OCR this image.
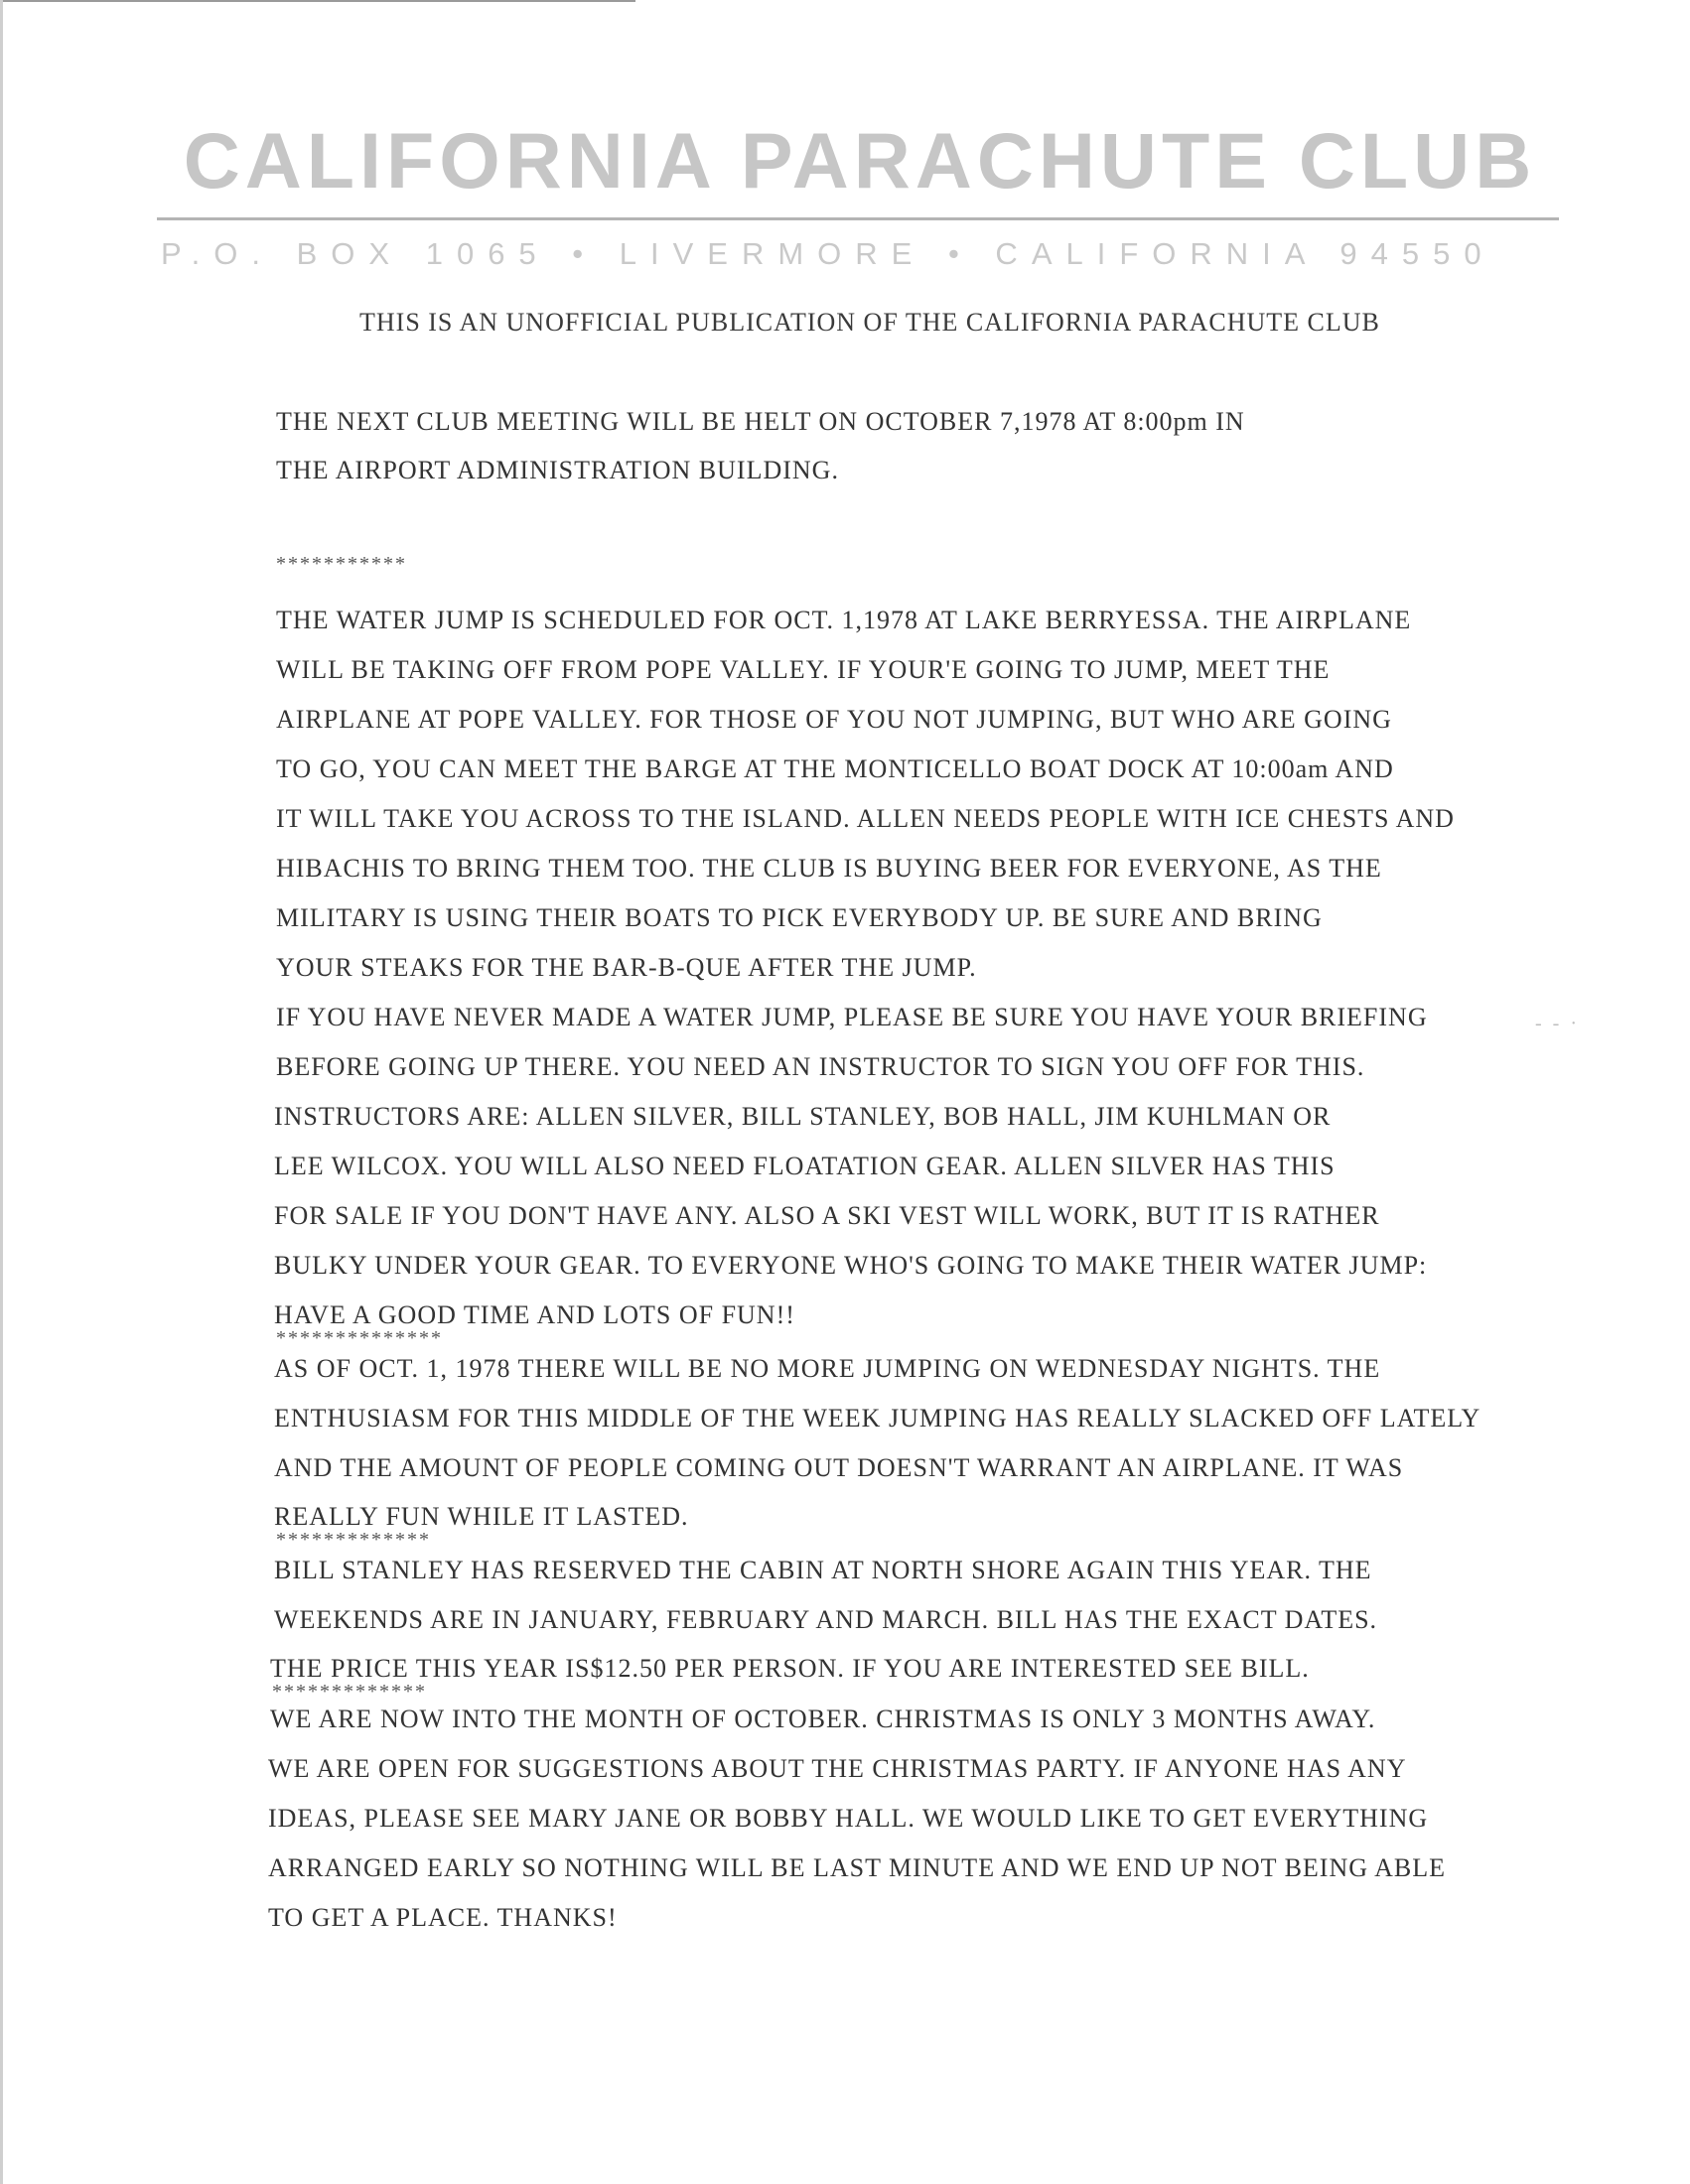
CALIFORNIA PARACHUTE CLUB
P.O. BOX 1065 • LIVERMORE • CALIFORNIA 94550
THIS IS AN UNOFFICIAL PUBLICATION OF THE CALIFORNIA PARACHUTE CLUB
THE NEXT CLUB MEETING WILL BE HELT ON OCTOBER 7,1978 AT 8:00pm IN
THE AIRPORT ADMINISTRATION BUILDING.
***********
THE WATER JUMP IS SCHEDULED FOR OCT. 1,1978 AT LAKE BERRYESSA. THE AIRPLANE
WILL BE TAKING OFF FROM POPE VALLEY. IF YOUR'E GOING TO JUMP, MEET THE
AIRPLANE AT POPE VALLEY. FOR THOSE OF YOU NOT JUMPING, BUT WHO ARE GOING
TO GO, YOU CAN MEET THE BARGE AT THE MONTICELLO BOAT DOCK AT 10:00am AND
IT WILL TAKE YOU ACROSS TO THE ISLAND. ALLEN NEEDS PEOPLE WITH ICE CHESTS AND
HIBACHIS TO BRING THEM TOO. THE CLUB IS BUYING BEER FOR EVERYONE, AS THE
MILITARY IS USING THEIR BOATS TO PICK EVERYBODY UP. BE SURE AND BRING
YOUR STEAKS FOR THE BAR-B-QUE AFTER THE JUMP.
IF YOU HAVE NEVER MADE A WATER JUMP, PLEASE BE SURE YOU HAVE YOUR BRIEFING
BEFORE GOING UP THERE. YOU NEED AN INSTRUCTOR TO SIGN YOU OFF FOR THIS.
INSTRUCTORS ARE: ALLEN SILVER, BILL STANLEY, BOB HALL, JIM KUHLMAN OR
LEE WILCOX. YOU WILL ALSO NEED FLOATATION GEAR. ALLEN SILVER HAS THIS
FOR SALE IF YOU DON'T HAVE ANY. ALSO A SKI VEST WILL WORK, BUT IT IS RATHER
BULKY UNDER YOUR GEAR. TO EVERYONE WHO'S GOING TO MAKE THEIR WATER JUMP:
HAVE A GOOD TIME AND LOTS OF FUN!!
**************
AS OF OCT. 1, 1978 THERE WILL BE NO MORE JUMPING ON WEDNESDAY NIGHTS. THE
ENTHUSIASM FOR THIS MIDDLE OF THE WEEK JUMPING HAS REALLY SLACKED OFF LATELY
AND THE AMOUNT OF PEOPLE COMING OUT DOESN'T WARRANT AN AIRPLANE. IT WAS
REALLY FUN WHILE IT LASTED.
*************
BILL STANLEY HAS RESERVED THE CABIN AT NORTH SHORE AGAIN THIS YEAR. THE
WEEKENDS ARE IN JANUARY, FEBRUARY AND MARCH. BILL HAS THE EXACT DATES.
THE PRICE THIS YEAR IS$12.50 PER PERSON. IF YOU ARE INTERESTED SEE BILL.
*************
WE ARE NOW INTO THE MONTH OF OCTOBER. CHRISTMAS IS ONLY 3 MONTHS AWAY.
WE ARE OPEN FOR SUGGESTIONS ABOUT THE CHRISTMAS PARTY. IF ANYONE HAS ANY
IDEAS, PLEASE SEE MARY JANE OR BOBBY HALL. WE WOULD LIKE TO GET EVERYTHING
ARRANGED EARLY SO NOTHING WILL BE LAST MINUTE AND WE END UP NOT BEING ABLE
TO GET A PLACE. THANKS!
- - ·
